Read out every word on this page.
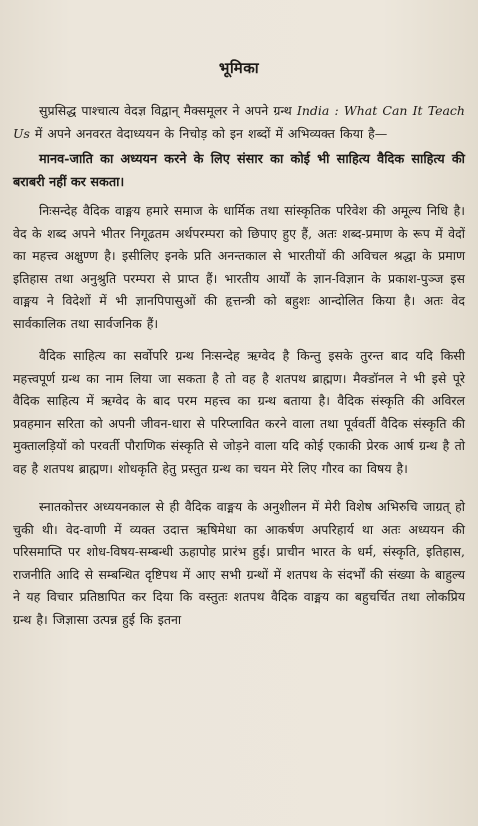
भूमिका

सुप्रसिद्ध पाश्चात्य वेदज्ञ विद्वान् मैक्समूलर ने अपने ग्रन्थ India : What Can It Teach Us में अपने अनवरत वेदाध्ययन के निचोड़ को इन शब्दों में अभिव्यक्त किया है—

मानव-जाति का अध्ययन करने के लिए संसार का कोई भी साहित्य वैदिक साहित्य की बराबरी नहीं कर सकता।

निःसन्देह वैदिक वाङ्मय हमारे समाज के धार्मिक तथा सांस्कृतिक परिवेश की अमूल्य निधि है। वेद के शब्द अपने भीतर निगूढतम अर्थपरम्परा को छिपाए हुए हैं, अतः शब्द-प्रमाण के रूप में वेदों का महत्त्व अक्षुण्ण है। इसीलिए इनके प्रति अनन्तकाल से भारतीयों की अविचल श्रद्धा के प्रमाण इतिहास तथा अनुश्रुति परम्परा से प्राप्त हैं। भारतीय आर्यों के ज्ञान-विज्ञान के प्रकाश-पुञ्ज इस वाङ्मय ने विदेशों में भी ज्ञानपिपासुओं की हृत्तन्त्री को बहुशः आन्दोलित किया है। अतः वेद सार्वकालिक तथा सार्वजनिक हैं।

वैदिक साहित्य का सर्वोपरि ग्रन्थ निःसन्देह ऋग्वेद है किन्तु इसके तुरन्त बाद यदि किसी महत्त्वपूर्ण ग्रन्थ का नाम लिया जा सकता है तो वह है शतपथ ब्राह्मण। मैक्डॉनल ने भी इसे पूरे वैदिक साहित्य में ऋग्वेद के बाद परम महत्त्व का ग्रन्थ बताया है। वैदिक संस्कृति की अविरल प्रवहमान सरिता को अपनी जीवन-धारा से परिप्लावित करने वाला तथा पूर्ववर्ती वैदिक संस्कृति की मुक्तालड़ियों को परवर्ती पौराणिक संस्कृति से जोड़ने वाला यदि कोई एकाकी प्रेरक आर्ष ग्रन्थ है तो वह है शतपथ ब्राह्मण। शोधकृति हेतु प्रस्तुत ग्रन्थ का चयन मेरे लिए गौरव का विषय है।

स्नातकोत्तर अध्ययनकाल से ही वैदिक वाङ्मय के अनुशीलन में मेरी विशेष अभिरुचि जाग्रत् हो चुकी थी। वेद-वाणी में व्यक्त उदात्त ऋषिमेधा का आकर्षण अपरिहार्य था अतः अध्ययन की परिसमाप्ति पर शोध-विषय-सम्बन्धी ऊहापोह प्रारंभ हुई। प्राचीन भारत के धर्म, संस्कृति, इतिहास, राजनीति आदि से सम्बन्धित दृष्टिपथ में आए सभी ग्रन्थों में शतपथ के संदर्भों की संख्या के बाहुल्य ने यह विचार प्रतिष्ठापित कर दिया कि वस्तुतः शतपथ वैदिक वाङ्मय का बहुचर्चित तथा लोकप्रिय ग्रन्थ है। जिज्ञासा उत्पन्न हुई कि इतना
